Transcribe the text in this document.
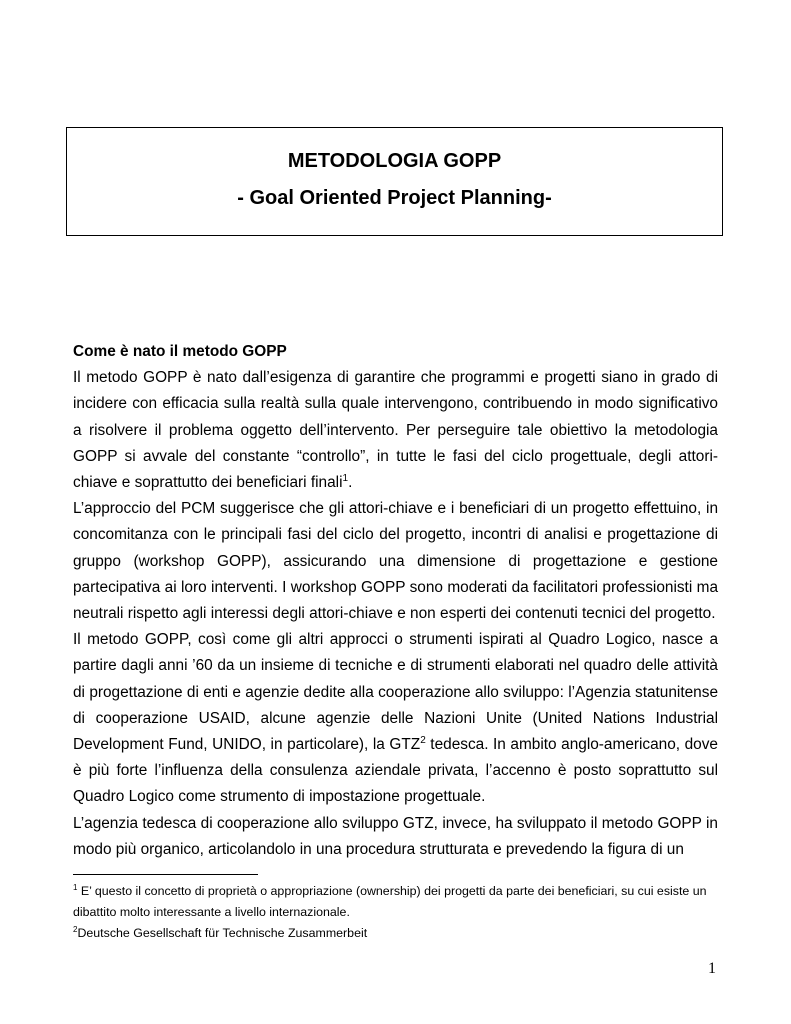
METODOLOGIA GOPP
- Goal Oriented Project Planning-

Come è nato il metodo GOPP

Il metodo GOPP è nato dall’esigenza di garantire che programmi e progetti siano in grado di incidere con efficacia sulla realtà sulla quale intervengono, contribuendo in modo significativo a risolvere il problema oggetto dell’intervento. Per perseguire tale obiettivo la metodologia GOPP si avvale del constante “controllo”, in tutte le fasi del ciclo progettuale, degli attori-chiave e soprattutto dei beneficiari finali$^1$.

L’approccio del PCM suggerisce che gli attori-chiave e i beneficiari di un progetto effettuino, in concomitanza con le principali fasi del ciclo del progetto, incontri di analisi e progettazione di gruppo (workshop GOPP), assicurando una dimensione di progettazione e gestione partecipativa ai loro interventi. I workshop GOPP sono moderati da facilitatori professionisti ma neutrali rispetto agli interessi degli attori-chiave e non esperti dei contenuti tecnici del progetto.

Il metodo GOPP, così come gli altri approcci o strumenti ispirati al Quadro Logico, nasce a partire dagli anni ’60 da un insieme di tecniche e di strumenti elaborati nel quadro delle attività di progettazione di enti e agenzie dedite alla cooperazione allo sviluppo: l’Agenzia statunitense di cooperazione USAID, alcune agenzie delle Nazioni Unite (United Nations Industrial Development Fund, UNIDO, in particolare), la GTZ$^2$ tedesca. In ambito anglo-americano, dove è più forte l’influenza della consulenza aziendale privata, l’accenno è posto soprattutto sul Quadro Logico come strumento di impostazione progettuale.

L’agenzia tedesca di cooperazione allo sviluppo GTZ, invece, ha sviluppato il metodo GOPP in modo più organico, articolandolo in una procedura strutturata e prevedendo la figura di un

$^1$ E’ questo il concetto di proprietà o appropriazione (ownership) dei progetti da parte dei beneficiari, su cui esiste un dibattito molto interessante a livello internazionale.

$^2$Deutsche Gesellschaft für Technische Zusammerbeit

1
